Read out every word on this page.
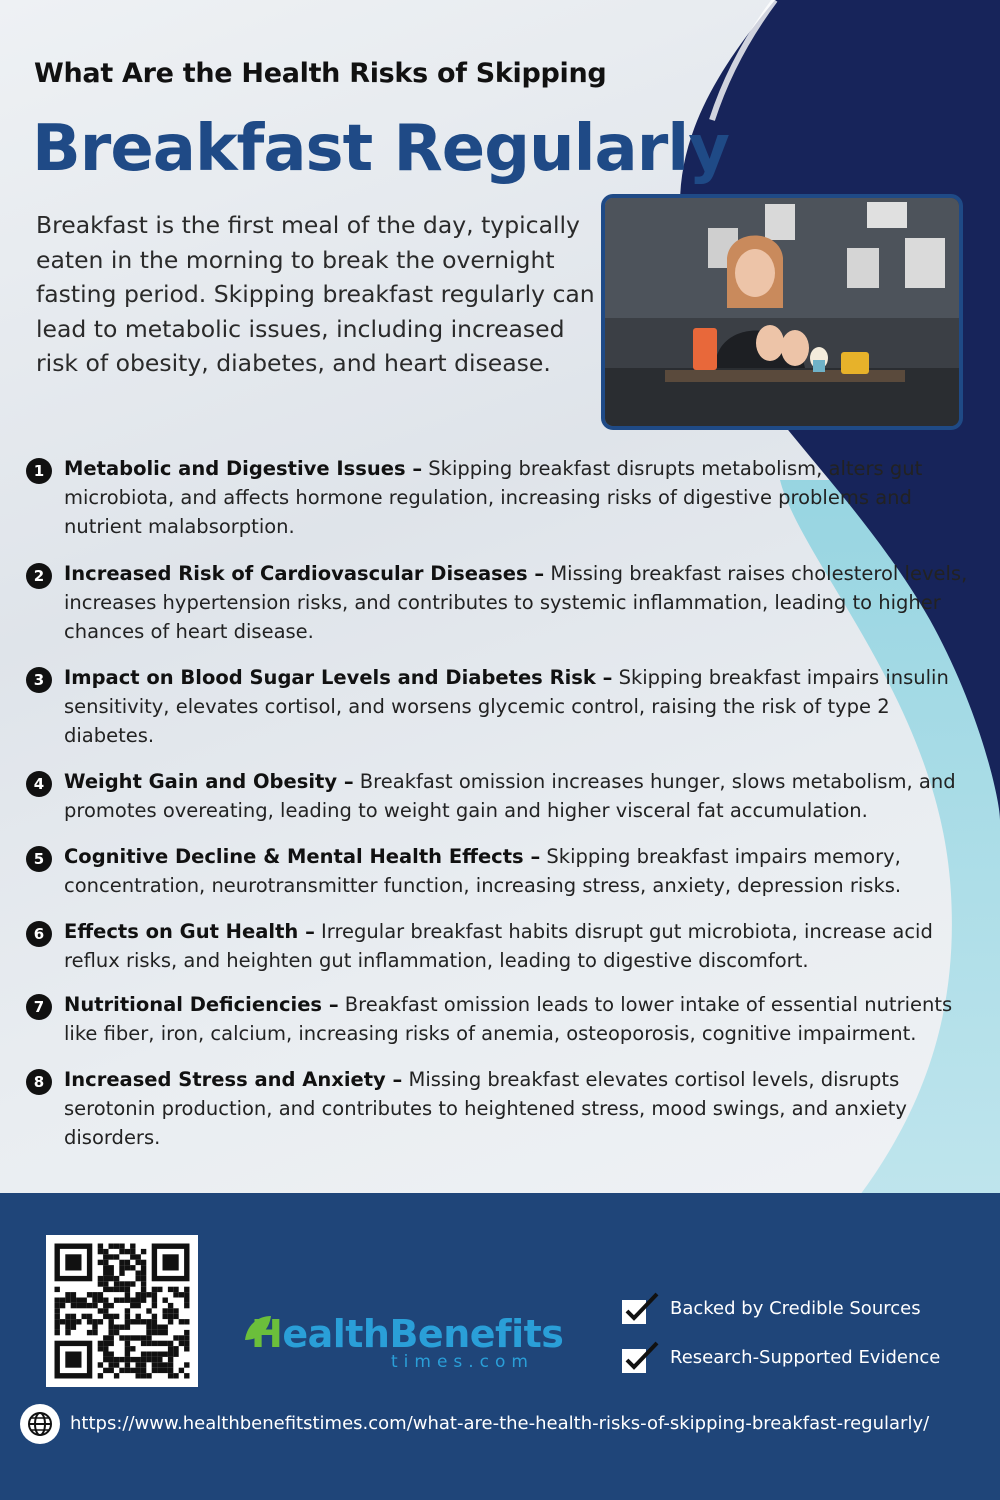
What Are the Health Risks of Skipping
Breakfast Regularly

Breakfast is the first meal of the day, typically eaten in the morning to break the overnight fasting period. Skipping breakfast regularly can lead to metabolic issues, including increased risk of obesity, diabetes, and heart disease.

1	Metabolic and Digestive Issues – Skipping breakfast disrupts metabolism, alters gut microbiota, and affects hormone regulation, increasing risks of digestive problems and nutrient malabsorption.
2	Increased Risk of Cardiovascular Diseases – Missing breakfast raises cholesterol levels, increases hypertension risks, and contributes to systemic inflammation, leading to higher chances of heart disease.
3	Impact on Blood Sugar Levels and Diabetes Risk – Skipping breakfast impairs insulin sensitivity, elevates cortisol, and worsens glycemic control, raising the risk of type 2 diabetes.
4	Weight Gain and Obesity – Breakfast omission increases hunger, slows metabolism, and promotes overeating, leading to weight gain and higher visceral fat accumulation.
5	Cognitive Decline & Mental Health Effects – Skipping breakfast impairs memory, concentration, neurotransmitter function, increasing stress, anxiety, depression risks.
6	Effects on Gut Health – Irregular breakfast habits disrupt gut microbiota, increase acid reflux risks, and heighten gut inflammation, leading to digestive discomfort.
7	Nutritional Deficiencies – Breakfast omission leads to lower intake of essential nutrients like fiber, iron, calcium, increasing risks of anemia, osteoporosis, cognitive impairment.
8	Increased Stress and Anxiety – Missing breakfast elevates cortisol levels, disrupts serotonin production, and contributes to heightened stress, mood swings, and anxiety disorders.
HealthBenefits
times.com
Backed by Credible Sources
Research-Supported Evidence
https://www.healthbenefitstimes.com/what-are-the-health-risks-of-skipping-breakfast-regularly/
